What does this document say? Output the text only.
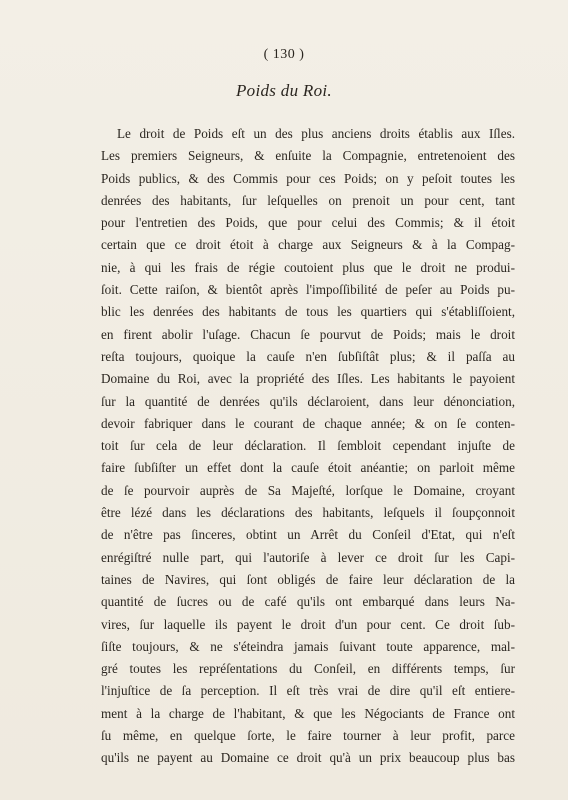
( 130 )
Poids du Roi.
Le droit de Poids eſt un des plus anciens droits établis aux Iſles.
Les premiers Seigneurs, & enſuite la Compagnie, entretenoient des
Poids publics, & des Commis pour ces Poids; on y peſoit toutes les
denrées des habitants, ſur leſquelles on prenoit un pour cent, tant
pour l'entretien des Poids, que pour celui des Commis; & il étoit
certain que ce droit étoit à charge aux Seigneurs & à la Compag-
nie, à qui les frais de régie coutoient plus que le droit ne produi-
ſoit. Cette raiſon, & bientôt après l'impoſſibilité de peſer au Poids pu-
blic les denrées des habitants de tous les quartiers qui s'établiſſoient,
en firent abolir l'uſage. Chacun ſe pourvut de Poids; mais le droit
reſta toujours, quoique la cauſe n'en ſubſiſtât plus; & il paſſa au
Domaine du Roi, avec la propriété des Iſles. Les habitants le payoient
ſur la quantité de denrées qu'ils déclaroient, dans leur dénonciation,
devoir fabriquer dans le courant de chaque année; & on ſe conten-
toit ſur cela de leur déclaration. Il ſembloit cependant injuſte de
faire ſubſiſter un effet dont la cauſe étoit anéantie; on parloit même
de ſe pourvoir auprès de Sa Majeſté, lorſque le Domaine, croyant
être lézé dans les déclarations des habitants, leſquels il ſoupçonnoit
de n'être pas ſinceres, obtint un Arrêt du Conſeil d'Etat, qui n'eſt
enrégiſtré nulle part, qui l'autoriſe à lever ce droit ſur les Capi-
taines de Navires, qui ſont obligés de faire leur déclaration de la
quantité de ſucres ou de café qu'ils ont embarqué dans leurs Na-
vires, ſur laquelle ils payent le droit d'un pour cent. Ce droit ſub-
ſiſte toujours, & ne s'éteindra jamais ſuivant toute apparence, mal-
gré toutes les repréſentations du Conſeil, en différents temps, ſur
l'injuſtice de ſa perception. Il eſt très vrai de dire qu'il eſt entiere-
ment à la charge de l'habitant, & que les Négociants de France ont
ſu même, en quelque ſorte, le faire tourner à leur profit, parce
qu'ils ne payent au Domaine ce droit qu'à un prix beaucoup plus bas
